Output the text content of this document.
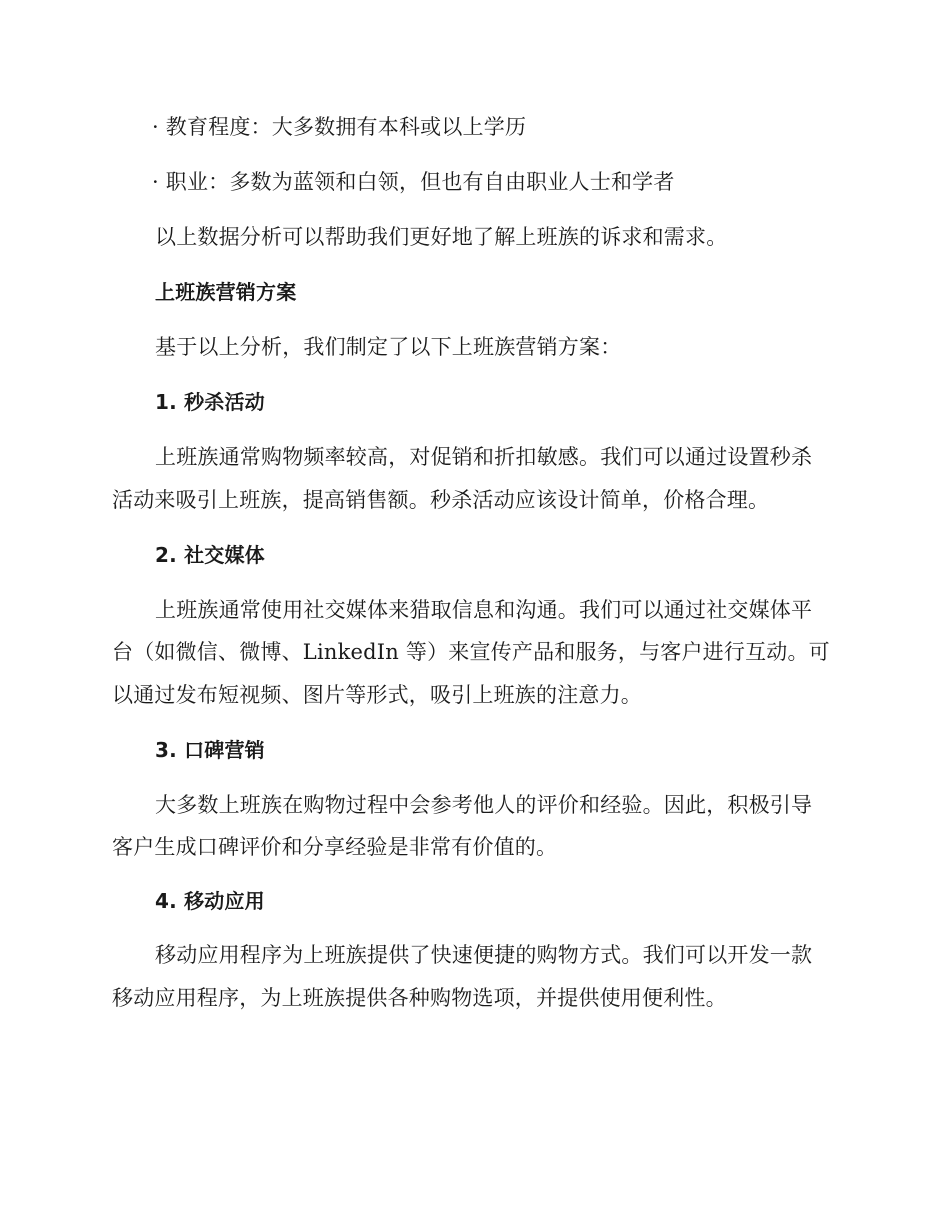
· 教育程度：大多数拥有本科或以上学历
· 职业：多数为蓝领和白领，但也有自由职业人士和学者
以上数据分析可以帮助我们更好地了解上班族的诉求和需求。
上班族营销方案
基于以上分析，我们制定了以下上班族营销方案：
1. 秒杀活动
上班族通常购物频率较高，对促销和折扣敏感。我们可以通过设置秒杀
活动来吸引上班族，提高销售额。秒杀活动应该设计简单，价格合理。
2. 社交媒体
上班族通常使用社交媒体来猎取信息和沟通。我们可以通过社交媒体平
台（如微信、微博、LinkedIn 等）来宣传产品和服务，与客户进行互动。可
以通过发布短视频、图片等形式，吸引上班族的注意力。
3. 口碑营销
大多数上班族在购物过程中会参考他人的评价和经验。因此，积极引导
客户生成口碑评价和分享经验是非常有价值的。
4. 移动应用
移动应用程序为上班族提供了快速便捷的购物方式。我们可以开发一款
移动应用程序，为上班族提供各种购物选项，并提供使用便利性。
